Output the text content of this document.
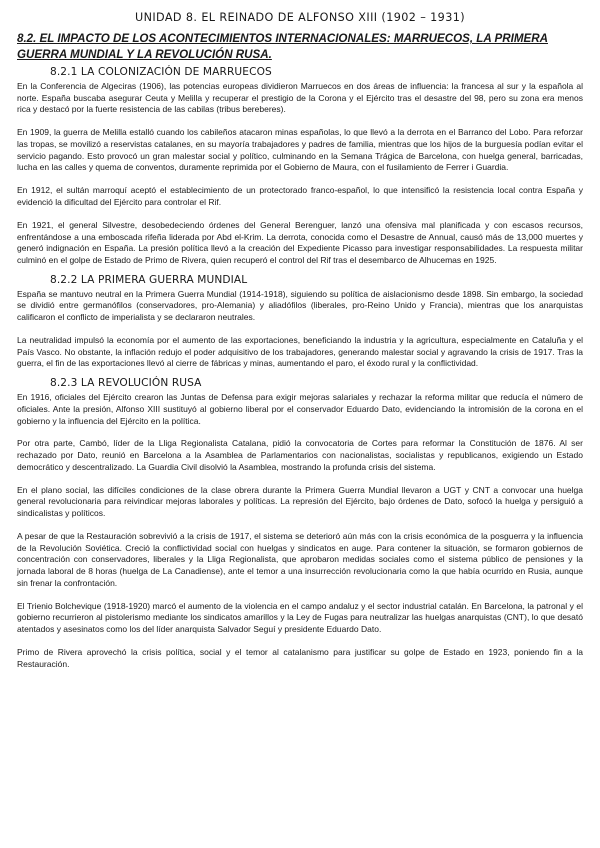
UNIDAD 8. EL REINADO DE ALFONSO XIII (1902 – 1931)
8.2. EL IMPACTO DE LOS ACONTECIMIENTOS INTERNACIONALES: MARRUECOS, LA PRIMERA GUERRA MUNDIAL Y LA REVOLUCIÓN RUSA.
8.2.1 LA COLONIZACIÓN DE MARRUECOS

En la Conferencia de Algeciras (1906), las potencias europeas dividieron Marruecos en dos áreas de influencia: la francesa al sur y la española al norte. España buscaba asegurar Ceuta y Melilla y recuperar el prestigio de la Corona y el Ejército tras el desastre del 98, pero su zona era menos rica y destacó por la fuerte resistencia de las cabilas (tribus bereberes).

En 1909, la guerra de Melilla estalló cuando los cabileños atacaron minas españolas, lo que llevó a la derrota en el Barranco del Lobo. Para reforzar las tropas, se movilizó a reservistas catalanes, en su mayoría trabajadores y padres de familia, mientras que los hijos de la burguesía podían evitar el servicio pagando. Esto provocó un gran malestar social y político, culminando en la Semana Trágica de Barcelona, con huelga general, barricadas, lucha en las calles y quema de conventos, duramente reprimida por el Gobierno de Maura, con el fusilamiento de Ferrer i Guardia.

En 1912, el sultán marroquí aceptó el establecimiento de un protectorado franco-español, lo que intensificó la resistencia local contra España y evidenció la dificultad del Ejército para controlar el Rif.

En 1921, el general Silvestre, desobedeciendo órdenes del General Berenguer, lanzó una ofensiva mal planificada y con escasos recursos, enfrentándose a una emboscada rifeña liderada por Abd el-Krim. La derrota, conocida como el Desastre de Annual, causó más de 13,000 muertes y generó indignación en España. La presión política llevó a la creación del Expediente Picasso para investigar responsabilidades. La respuesta militar culminó en el golpe de Estado de Primo de Rivera, quien recuperó el control del Rif tras el desembarco de Alhucemas en 1925.

8.2.2 LA PRIMERA GUERRA MUNDIAL

España se mantuvo neutral en la Primera Guerra Mundial (1914-1918), siguiendo su política de aislacionismo desde 1898. Sin embargo, la sociedad se dividió entre germanófilos (conservadores, pro-Alemania) y aliadófilos (liberales, pro-Reino Unido y Francia), mientras que los anarquistas calificaron el conflicto de imperialista y se declararon neutrales.

La neutralidad impulsó la economía por el aumento de las exportaciones, beneficiando la industria y la agricultura, especialmente en Cataluña y el País Vasco. No obstante, la inflación redujo el poder adquisitivo de los trabajadores, generando malestar social y agravando la crisis de 1917. Tras la guerra, el fin de las exportaciones llevó al cierre de fábricas y minas, aumentando el paro, el éxodo rural y la conflictividad.

8.2.3 LA REVOLUCIÓN RUSA

En 1916, oficiales del Ejército crearon las Juntas de Defensa para exigir mejoras salariales y rechazar la reforma militar que reducía el número de oficiales. Ante la presión, Alfonso XIII sustituyó al gobierno liberal por el conservador Eduardo Dato, evidenciando la intromisión de la corona en el gobierno y la influencia del Ejército en la política.

Por otra parte, Cambó, líder de la Lliga Regionalista Catalana, pidió la convocatoria de Cortes para reformar la Constitución de 1876. Al ser rechazado por Dato, reunió en Barcelona a la Asamblea de Parlamentarios con nacionalistas, socialistas y republicanos, exigiendo un Estado democrático y descentralizado. La Guardia Civil disolvió la Asamblea, mostrando la profunda crisis del sistema.

En el plano social, las difíciles condiciones de la clase obrera durante la Primera Guerra Mundial llevaron a UGT y CNT a convocar una huelga general revolucionaria para reivindicar mejoras laborales y políticas. La represión del Ejército, bajo órdenes de Dato, sofocó la huelga y persiguió a sindicalistas y políticos.

A pesar de que la Restauración sobrevivió a la crisis de 1917, el sistema se deterioró aún más con la crisis económica de la posguerra y la influencia de la Revolución Soviética. Creció la conflictividad social con huelgas y sindicatos en auge. Para contener la situación, se formaron gobiernos de concentración con conservadores, liberales y la Lliga Regionalista, que aprobaron medidas sociales como el sistema público de pensiones y la jornada laboral de 8 horas (huelga de La Canadiense), ante el temor a una insurrección revolucionaria como la que había ocurrido en Rusia, aunque sin frenar la confrontación.

El Trienio Bolchevique (1918-1920) marcó el aumento de la violencia en el campo andaluz y el sector industrial catalán. En Barcelona, la patronal y el gobierno recurrieron al pistolerismo mediante los sindicatos amarillos y la Ley de Fugas para neutralizar las huelgas anarquistas (CNT), lo que desató atentados y asesinatos como los del líder anarquista Salvador Seguí y presidente Eduardo Dato.

Primo de Rivera aprovechó la crisis política, social y el temor al catalanismo para justificar su golpe de Estado en 1923, poniendo fin a la Restauración.
